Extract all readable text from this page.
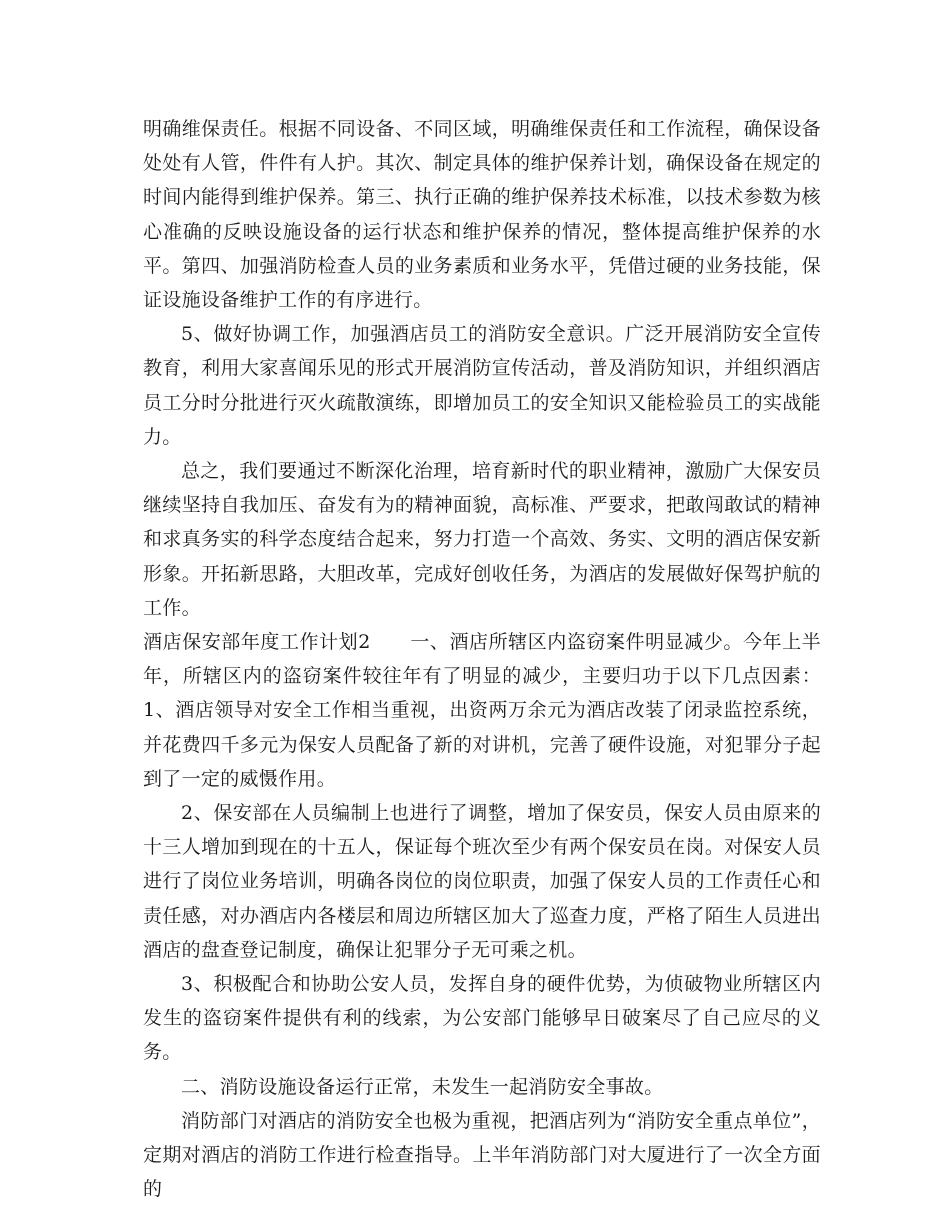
明确维保责任。根据不同设备、不同区域，明确维保责任和工作流程，确保设备处处有人管，件件有人护。其次、制定具体的维护保养计划，确保设备在规定的时间内能得到维护保养。第三、执行正确的维护保养技术标准，以技术参数为核心准确的反映设施设备的运行状态和维护保养的情况，整体提高维护保养的水平。第四、加强消防检查人员的业务素质和业务水平，凭借过硬的业务技能，保证设施设备维护工作的有序进行。

5、做好协调工作，加强酒店员工的消防安全意识。广泛开展消防安全宣传教育，利用大家喜闻乐见的形式开展消防宣传活动，普及消防知识，并组织酒店员工分时分批进行灭火疏散演练，即增加员工的安全知识又能检验员工的实战能力。

总之，我们要通过不断深化治理，培育新时代的职业精神，激励广大保安员继续坚持自我加压、奋发有为的精神面貌，高标准、严要求，把敢闯敢试的精神和求真务实的科学态度结合起来，努力打造一个高效、务实、文明的酒店保安新形象。开拓新思路，大胆改革，完成好创收任务，为酒店的发展做好保驾护航的工作。

酒店保安部年度工作计划2 一、酒店所辖区内盗窃案件明显减少。今年上半年，所辖区内的盗窃案件较往年有了明显的减少，主要归功于以下几点因素：1、酒店领导对安全工作相当重视，出资两万余元为酒店改装了闭录监控系统，并花费四千多元为保安人员配备了新的对讲机，完善了硬件设施，对犯罪分子起到了一定的威慑作用。

2、保安部在人员编制上也进行了调整，增加了保安员，保安人员由原来的十三人增加到现在的十五人，保证每个班次至少有两个保安员在岗。对保安人员进行了岗位业务培训，明确各岗位的岗位职责，加强了保安人员的工作责任心和责任感，对办酒店内各楼层和周边所辖区加大了巡查力度，严格了陌生人员进出酒店的盘查登记制度，确保让犯罪分子无可乘之机。

3、积极配合和协助公安人员，发挥自身的硬件优势，为侦破物业所辖区内发生的盗窃案件提供有利的线索，为公安部门能够早日破案尽了自己应尽的义务。

二、消防设施设备运行正常，未发生一起消防安全事故。

消防部门对酒店的消防安全也极为重视，把酒店列为“消防安全重点单位”，定期对酒店的消防工作进行检查指导。上半年消防部门对大厦进行了一次全方面的
